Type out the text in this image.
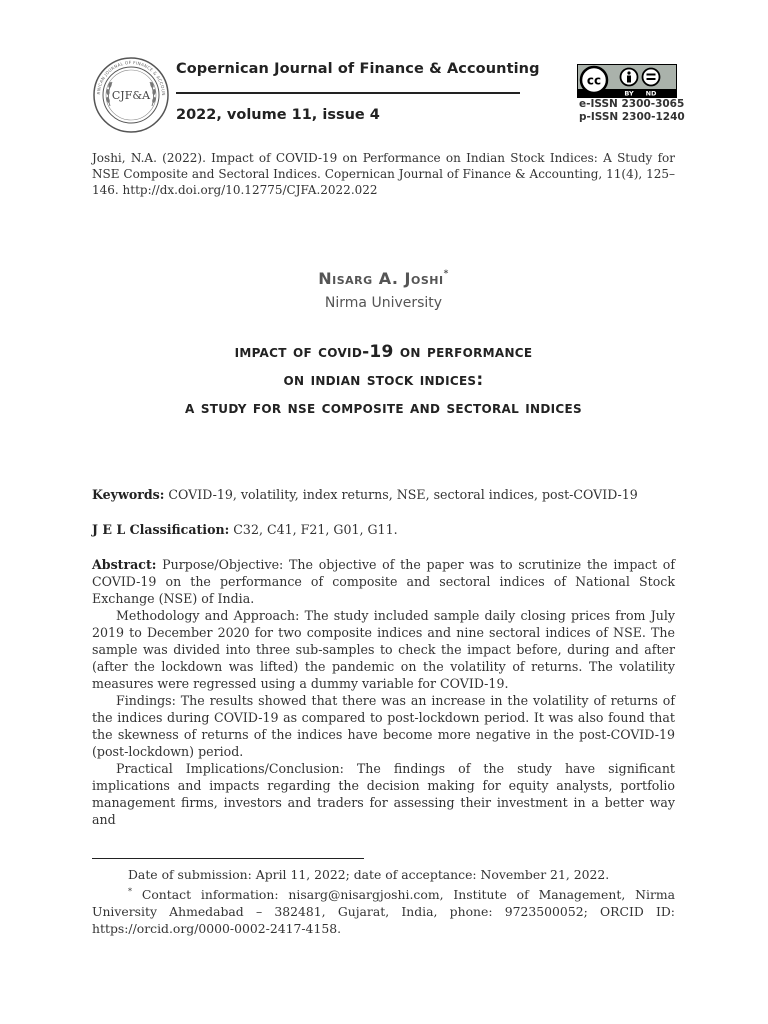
CJF&A
RNICAN JOURNAL OF FINANCE & ACCOUN
Copernican Journal of Finance & Accounting
2022, volume 11, issue 4
cc
BY ND
e-ISSN 2300-3065
p-ISSN 2300-1240
Joshi, N.A. (2022). Impact of COVID-19 on Performance on Indian Stock Indices: A Study for NSE Composite and Sectoral Indices. Copernican Journal of Finance & Accounting, 11(4), 125–146. http://dx.doi.org/10.12775/CJFA.2022.022
Nisarg A. Joshi*
Nirma University
impact of covid-19 on performance
on indian stock indices:
a study for nse composite and sectoral indices
Keywords: COVID-19, volatility, index returns, NSE, sectoral indices, post-COVID-19
J E L Classification: C32, C41, F21, G01, G11.

Abstract: Purpose/Objective: The objective of the paper was to scrutinize the impact of COVID-19 on the performance of composite and sectoral indices of National Stock Exchange (NSE) of India.

Methodology and Approach: The study included sample daily closing prices from July 2019 to December 2020 for two composite indices and nine sectoral indices of NSE. The sample was divided into three sub-samples to check the impact before, during and after (after the lockdown was lifted) the pandemic on the volatility of returns. The volatility measures were regressed using a dummy variable for COVID-19.

Findings: The results showed that there was an increase in the volatility of returns of the indices during COVID-19 as compared to post-lockdown period. It was also found that the skewness of returns of the indices have become more negative in the post-COVID-19 (post-lockdown) period.

Practical Implications/Conclusion: The findings of the study have significant implications and impacts regarding the decision making for equity analysts, portfolio management firms, investors and traders for assessing their investment in a better way and

Date of submission: April 11, 2022; date of acceptance: November 21, 2022.

* Contact information: nisarg@nisargjoshi.com, Institute of Management, Nirma University Ahmedabad – 382481, Gujarat, India, phone: 9723500052; ORCID ID: https://orcid.org/0000-0002-2417-4158.
